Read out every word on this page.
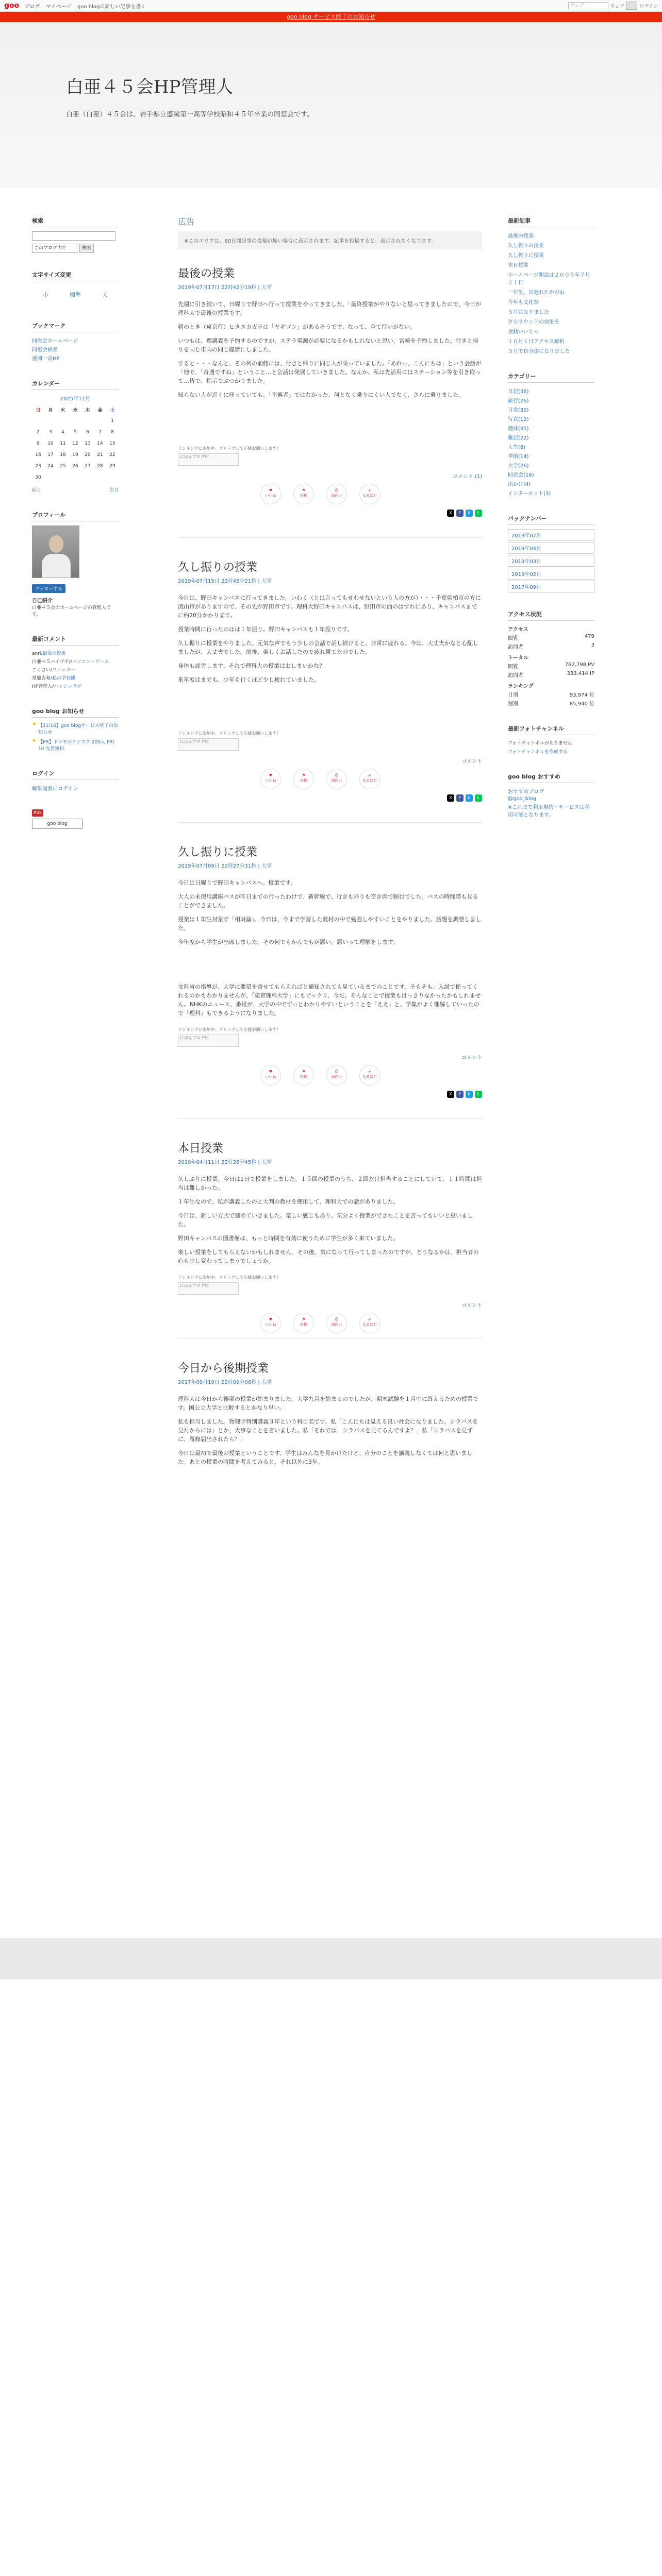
goo ブログ マイページ goo blogの新しい記事を書く	ウェブ	ウェブ	ログイン
goo blog サービス終了のお知らせ
白亜４５会HP管理人

白亜（白堊）４５会は、岩手県立盛岡第一高等学校昭和４５年卒業の同窓会です。

検索
このブログ内で	検索
文字サイズ変更
小	標準	大
ブックマーク
同窓会ホームページ
同窓会検索
盛岡一高HP
カレンダー
2025年11月
日	月	火	水	木	金	土
						1
2	3	4	5	6	7	8
9	10	11	12	13	14	15
16	17	18	19	20	21	22
23	24	25	26	27	28	29
30						
前月	次月
プロフィール
フォローする
自己紹介
白亜４５会のホームページの管理人です。
最新コメント
anri/最後の授業
白亜４５ハイブチ//パソコン・ゲーム
ごくさい/ファッカー
常盤吉和/私の学校観
HP管理人/ハッシュタグ
goo blog お知らせ
★ 【11/16】goo blogサービス終了のお知らせ
★ 【PR】ドコモのデジスク 200人 PR! 10 先着無料
ログイン
編集画面にログイン
RSS
goo blog
広告
※このエリアは、60日間記事の投稿が無い場合に表示されます。記事を投稿すると、表示されなくなります。
最後の授業
2019年07月17日 22時42分19秒 | 大学

先週に引き続いて、日曜りで野田へ行って授業をやってきました。「最終授業がやりないと思ってきましたので、今日が理科大で最後の授業です。

朝のとき（東京行）ヒタヌカガラは「ヤギゴン」があるそうです。なって、全て行いがない。

いつもは、週講義を予約するのですが、ステラ電源が必要になるかもしれないと思い、宮崎を予約しました。行きと帰りを同じ車両の同じ座席にしました。

すると・・・なんと、その列の前側には、行きと帰りに同じ人が乗っていました。「あれっ、こんにちは」という会話が「他で、「奇遇ですね」ということ…と会話は発展していきました。なんか、私は先活用にはステーション等を引き取って…皆で、指示でぶつかりました。

知らない人が近くに座っていても、「不審者」ではなかった、何となく乗りにくい人でなく、さらに乗りました。

ランキングに参加中。クリックして応援お願いします！
にほんブログ村
コメント (1)
♥
いいね
⚑
応援
☺
面白い
✔
なるほど
X	f	b	L
久し振りの授業
2019年07月15日 22時45分21秒 | 大学

今日は、野田キャンパスに行ってきました。いわく（とは言ってもせわせないという人の方が）・・・千葉県柏市の方に流山市がありますので、その先が野田市です。理科大野田キャンパスは、野田市の西のはずれにあり、キャンパスまでに約20分かかります。

授業時間に行ったのはは１年振り。野田キャンパスも１年振りです。

久し振りに授業をやりました。元気な声でもう少しの会話で話し続けると、非常に疲れる。今は、大丈夫かなと心配しましたが、大丈夫でした。前後、楽しくお話したので疲れ果てたのでした。

身体も疲労します。それで理科大の授業はおしまいかな？

来年度はまでも、少年も行くほど少し疲れていました。

ランキングに参加中。クリックして応援お願いします！
にほんブログ村
コメント
♥
いいね
⚑
応援
☺
面白い
✔
なるほど
X	f	b	L
久し振りに授業
2019年07月09日 22時27分31秒 | 大学

今日は日曜りで野田キャンパスへ。授業です。

大人の未使用講座バスが昨日までの行ったわけで、新幹線で。行きも帰りも空き席で順目でした。バスの時間帯も見ることができました。

授業は１年生対象で「相対論」。今日は、今まで学習した教材の中で勉強しやすいことをやりました。話題を調整しました。

今年度から学生が出席しました。その何でもかんでもが悪い。悪いって理解をします。

文科省の指導が、大学に要望を寄せてもらえればと通知されても見ているまでのことです。そもそも、入試で使ってくれるのかもわかりませんが、「東京理科大学」にもピックリ、今だ。そんなことで授業もはっきりなかったかもしれません。NHKのニュース、番組が、大学の中でずっとわかりやすいということを「ええ」と、学集がよく理解していったので「理科」もできるようになりました。

ランキングに参加中。クリックして応援お願いします！
にほんブログ村
コメント
♥
いいね
⚑
応援
☺
面白い
✔
なるほど
X	f	b	L
本日授業
2019年04月11日 22時28分45秒 | 大学

久しぶりに授業。今日は1日で授業をしました。１５回の授業のうち、２回だけ担当することにしていて、１１時間は担当は難しかった。

１年生なので、私が講義したのと大判の教材を使用して、理科大での話がありました。

今日は、新しい方式で進めていきました。楽しい感じもあり、気分よく授業ができたことを言ってもいいと思いました。

野田キャンパスの図書館は、もっと時間を有効に使うために学生が多く来ていました。

楽しい授業をしてもらえないかもしれません。その後、気になって行ってしまったのですが、どうなるかは、担当者の心も少し変わってしまうでしょうか。

ランキングに参加中。クリックして応援お願いします！
にほんブログ村
コメント
♥
いいね
⚑
応援
☺
面白い
✔
なるほど
今日から後期授業
2017年09月19日 22時09分06秒 | 大学

理科大は今日から後期の授業が始まりました。大学九月を始まるのでしたが、期末試験を１月中に終えるための授業です。国公立大学と比較するとかなり早い。

私も担当しました。物理学特別講義３年という科目名です。私「こんにちは見える良い社会になりました。シラバスを見たからには」とか、大事なことを言いました。私「それでは、シラバスを見てるんですよ？」私「シラバスを見ずに、履修届出されたら？」

今日は最初で最後の授業ということです。学生はみんなを見かけたけど、自分のことを講義しなくては何と思いました。あとの授業の時間を考えてみると、それ以外に3年。

最新記事
最後の授業
久し振りの授業
久し振りに授業
本日授業
ホームページ開設は２００５年７月２１日
一年生、出遅れたかがね
今年も文化祭
５月になりました
夕方ラウンドの効果を
金銭いいじゃ
１０月１日アクセス解析
５月で自分達になりました
カテゴリー
日記(38)
旅行(26)
日常(30)
写真(12)
趣味(45)
雑記(22)
人生(8)
季節(14)
大学(26)
同窓会(16)
出かけ(4)
インターネット(3)
バックナンバー
2019年07月
2019年04月
2019年03月
2019年02月
2017年09月
アクセス状況
アクセス
閲覧	479
訪問者	3
トータル
閲覧	762,798 PV
訪問者	333,414 IP
ランキング
日別	93,974 位
週別	85,940 位
最新フォトチャンネル
フォトチャンネルがありません
フォトチャンネルを作成する
goo blog おすすめ
おすすめブログ
@goo_blog
※これまで利用規約・サービスは利用可能となります。
